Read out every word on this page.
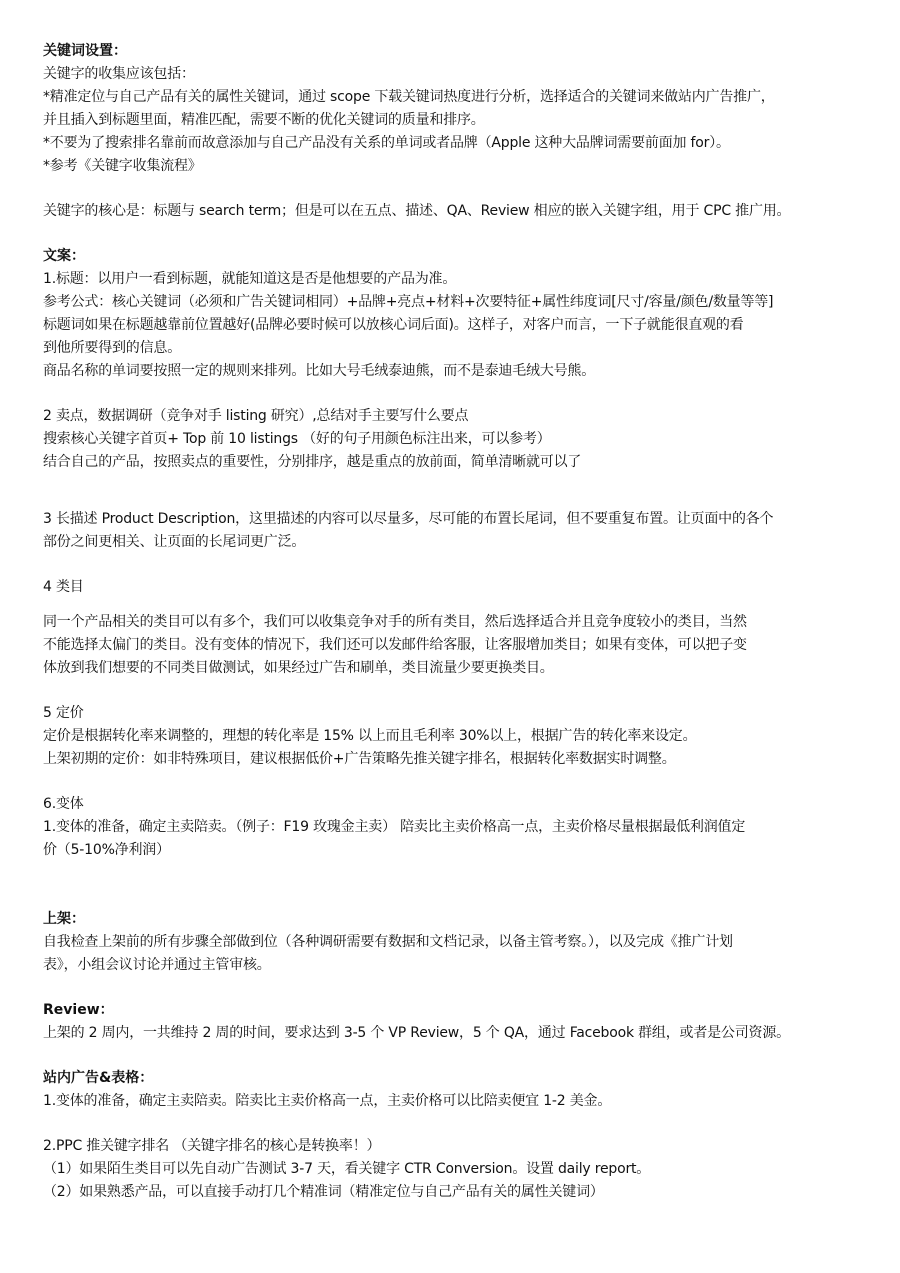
关键词设置：
关键字的收集应该包括：
*精准定位与自己产品有关的属性关键词，通过 scope 下载关键词热度进行分析，选择适合的关键词来做站内广告推广，
并且插入到标题里面，精准匹配，需要不断的优化关键词的质量和排序。
*不要为了搜索排名靠前而故意添加与自己产品没有关系的单词或者品牌（Apple 这种大品牌词需要前面加 for）。
*参考《关键字收集流程》
关键字的核心是：标题与 search term；但是可以在五点、描述、QA、Review 相应的嵌入关键字组，用于 CPC 推广用。
文案：
1.标题：以用户一看到标题，就能知道这是否是他想要的产品为准。
参考公式：核心关键词（必须和广告关键词相同）+品牌+亮点+材料+次要特征+属性纬度词[尺寸/容量/颜色/数量等等]
标题词如果在标题越靠前位置越好(品牌必要时候可以放核心词后面)。这样子，对客户而言，一下子就能很直观的看
到他所要得到的信息。
商品名称的单词要按照一定的规则来排列。比如大号毛绒泰迪熊，而不是泰迪毛绒大号熊。
2 卖点，数据调研（竞争对手 listing 研究）,总结对手主要写什么要点
搜索核心关键字首页+ Top 前 10 listings （好的句子用颜色标注出来，可以参考）
结合自己的产品，按照卖点的重要性，分别排序，越是重点的放前面，简单清晰就可以了
3 长描述 Product Description，这里描述的内容可以尽量多，尽可能的布置长尾词，但不要重复布置。让页面中的各个
部份之间更相关、让页面的长尾词更广泛。
4 类目
同一个产品相关的类目可以有多个，我们可以收集竞争对手的所有类目，然后选择适合并且竞争度较小的类目，当然
不能选择太偏门的类目。没有变体的情况下，我们还可以发邮件给客服，让客服增加类目；如果有变体，可以把子变
体放到我们想要的不同类目做测试，如果经过广告和刷单，类目流量少要更换类目。
5 定价
定价是根据转化率来调整的，理想的转化率是 15% 以上而且毛利率 30%以上，根据广告的转化率来设定。
上架初期的定价：如非特殊项目，建议根据低价+广告策略先推关键字排名，根据转化率数据实时调整。
6.变体
1.变体的准备，确定主卖陪卖。（例子：F19 玫瑰金主卖） 陪卖比主卖价格高一点，主卖价格尽量根据最低利润值定
价（5-10%净利润）
上架：
自我检查上架前的所有步骤全部做到位（各种调研需要有数据和文档记录，以备主管考察。），以及完成《推广计划
表》，小组会议讨论并通过主管审核。
Review：
上架的 2 周内，一共维持 2 周的时间，要求达到 3-5 个 VP Review，5 个 QA，通过 Facebook 群组，或者是公司资源。
站内广告&表格：
1.变体的准备，确定主卖陪卖。陪卖比主卖价格高一点，主卖价格可以比陪卖便宜 1-2 美金。
2.PPC 推关键字排名 （关键字排名的核心是转换率！）
（1）如果陌生类目可以先自动广告测试 3-7 天，看关键字 CTR Conversion。设置 daily report。
（2）如果熟悉产品，可以直接手动打几个精准词（精准定位与自己产品有关的属性关键词）
